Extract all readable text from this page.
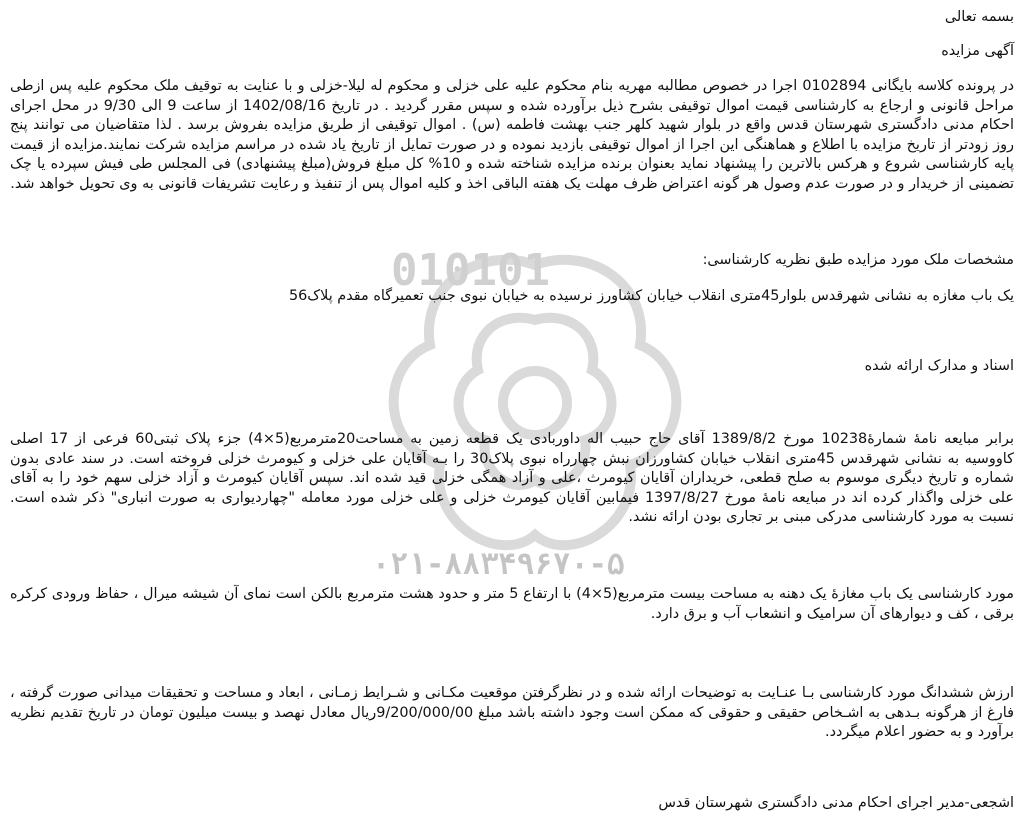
010101
۰۲۱-۸۸۳۴۹۶۷۰-۵

بسمه تعالی

آگهی مزایده

در پرونده کلاسه بایگانی 0102894 اجرا در خصوص مطالبه مهریه بنام محکوم علیه علی خزلی و محکوم له لیلا-خزلی و با عنایت به توقیف ملک محکوم علیه پس ازطی مراحل قانونی و ارجاع به کارشناسی قیمت اموال توقیفی بشرح ذیل برآورده شده و سپس مقرر گردید . در تاریخ 1402/08/16 از ساعت 9 الی 9/30 در محل اجرای احکام مدنی دادگستری شهرستان قدس واقع در بلوار شهید کلهر جنب بهشت فاطمه (س) . اموال توقیفی از طریق مزایده بفروش برسد . لذا متقاضیان می توانند پنج روز زودتر از تاریخ مزایده با اطلاع و هماهنگی این اجرا از اموال توقیفی بازدید نموده و در صورت تمایل از تاریخ یاد شده در مراسم مزایده شرکت نمایند.مزایده از قیمت پایه کارشناسی شروع و هرکس بالاترین را پیشنهاد نماید بعنوان برنده مزایده شناخته شده و 10% کل مبلغ فروش(مبلغ پیشنهادی) فی المجلس طی فیش سپرده یا چک تضمینی از خریدار و در صورت عدم وصول هر گونه اعتراض ظرف مهلت یک هفته الباقی اخذ و کلیه اموال پس از تنفیذ و رعایت تشریفات قانونی به وی تحویل خواهد شد.

مشخصات ملک مورد مزایده طبق نظریه کارشناسی:

یک باب مغازه به نشانی شهرقدس بلوار45متری انقلاب خیابان کشاورز نرسیده به خیابان نبوی جنب تعمیرگاه مقدم پلاک56

اسناد و مدارک ارائه شده

برابر مبایعه نامهٔ شمارهٔ10238 مورخ 1389/8/2 آقای حاج حبیب اله داوربادی یک قطعه زمین به مساحت20مترمربع(5×4) جزء پلاک ثبتی60 فرعی از 17 اصلی کاووسیه به نشانی شهرقدس 45متری انقلاب خیابان کشاورزان نبش چهارراه نبوی پلاک30 را بـه آقایان علی خزلی و کیومرث خزلی فروخته است. در سند عادی بدون شماره و تاریخ دیگری موسوم به صلح قطعی، خریداران آقایان کیومرث ،علی و آزاد همگی خزلی قید شده اند. سپس آقایان کیومرث و آزاد خزلی سهم خود را به آقای علی خزلی واگذار کرده اند در مبایعه نامهٔ مورخ 1397/8/27 فیمابین آقایان کیومرث خزلی و علی خزلی مورد معامله "چهاردیواری به صورت انباری" ذکر شده است. نسبت به مورد کارشناسی مدرکی مبنی بر تجاری بودن ارائه نشد.

مورد کارشناسی یک باب مغازهٔ یک دهنه به مساحت بیست مترمربع(5×4) با ارتفاع 5 متر و حدود هشت مترمربع بالکن است نمای آن شیشه میرال ، حفاظ ورودی کرکره برقی ، کف و دیوارهای آن سرامیک و انشعاب آب و برق دارد.

ارزش ششدانگ مورد کارشناسی بـا عنـایت به توضیحات ارائه شده و در نظرگرفتن موقعیت مکـانی و شـرایط زمـانی ، ابعاد و مساحت و تحقیقات میدانی صورت گرفته ، فارغ از هرگونه بـدهی به اشـخاص حقیقی و حقوقی که ممکن است وجود داشته باشد مبلغ 9/200/000/00ریال معادل نهصد و بیست میلیون تومان در تاریخ تقدیم نظریه برآورد و به حضور اعلام میگردد.

اشجعی-مدیر اجرای احکام مدنی دادگستری شهرستان قدس
